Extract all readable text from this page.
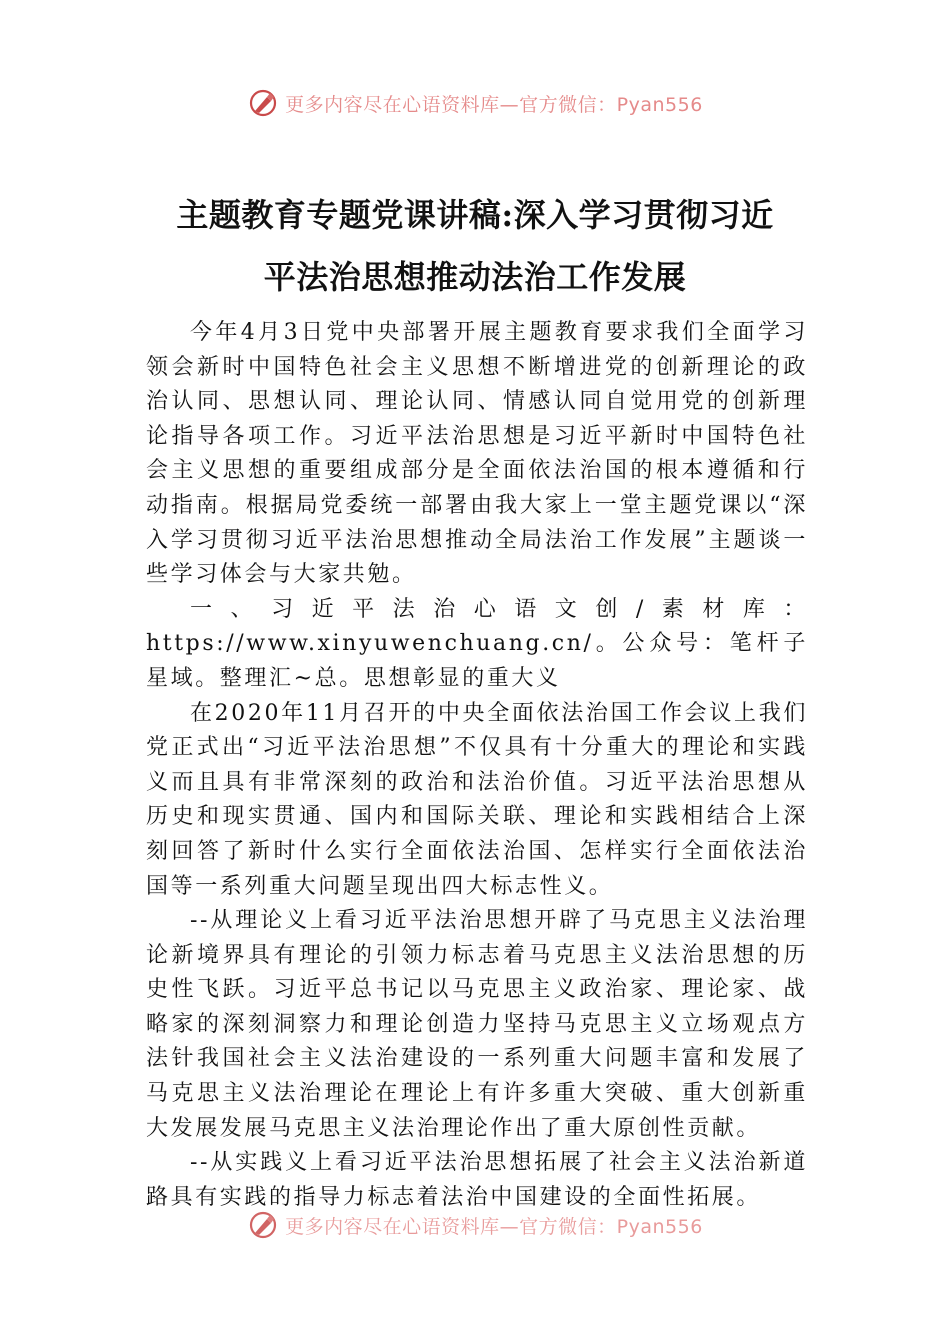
更多内容尽在心语资料库—官方微信：Pyan556
主题教育专题党课讲稿:深入学习贯彻习近
平法治思想推动法治工作发展

今年4月3日党中央部署开展主题教育要求我们全面学习领会新时中国特色社会主义思想不断增进党的创新理论的政治认同、思想认同、理论认同、情感认同自觉用党的创新理论指导各项工作。习近平法治思想是习近平新时中国特色社会主义思想的重要组成部分是全面依法治国的根本遵循和行动指南。根据局党委统一部署由我大家上一堂主题党课以“深入学习贯彻习近平法治思想推动全局法治工作发展”主题谈一些学习体会与大家共勉。

一、习近平法治心语文创/素材库：https://www.xinyuwenchuang.cn/。公众号：笔杆子星域。整理汇~总。思想彰显的重大义

在2020年11月召开的中央全面依法治国工作会议上我们党正式出“习近平法治思想”不仅具有十分重大的理论和实践义而且具有非常深刻的政治和法治价值。习近平法治思想从历史和现实贯通、国内和国际关联、理论和实践相结合上深刻回答了新时什么实行全面依法治国、怎样实行全面依法治国等一系列重大问题呈现出四大标志性义。

--从理论义上看习近平法治思想开辟了马克思主义法治理论新境界具有理论的引领力标志着马克思主义法治思想的历史性飞跃。习近平总书记以马克思主义政治家、理论家、战略家的深刻洞察力和理论创造力坚持马克思主义立场观点方法针我国社会主义法治建设的一系列重大问题丰富和发展了马克思主义法治理论在理论上有许多重大突破、重大创新重大发展发展马克思主义法治理论作出了重大原创性贡献。

--从实践义上看习近平法治思想拓展了社会主义法治新道路具有实践的指导力标志着法治中国建设的全面性拓展。

更多内容尽在心语资料库—官方微信：Pyan556
